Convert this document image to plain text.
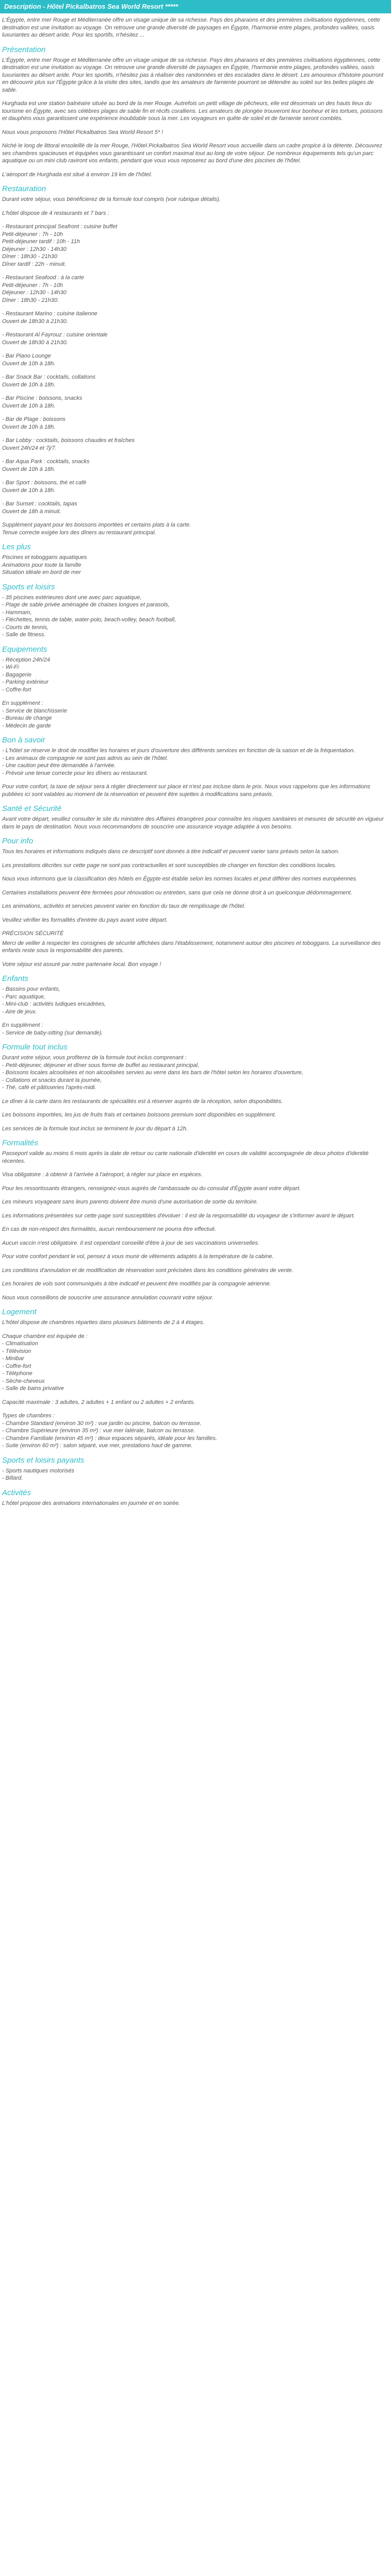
Description - Hôtel Pickalbatros Sea World Resort *****

L'Égypte, entre mer Rouge et Méditerranée offre un visage unique de sa richesse. Pays des pharaons et des premières civilisations égyptiennes, cette destination est une invitation au voyage. On retrouve une grande diversité de paysages en Égypte, l'harmonie entre plages, profondes vallées, oasis luxuriantes au désert aride. Pour les sportifs, n'hésitez ...

Présentation

L'Égypte, entre mer Rouge et Méditerranée offre un visage unique de sa richesse. Pays des pharaons et des premières civilisations égyptiennes, cette destination est une invitation au voyage. On retrouve une grande diversité de paysages en Égypte, l'harmonie entre plages, profondes vallées, oasis luxuriantes au désert aride. Pour les sportifs, n'hésitez pas à réaliser des randonnées et des escalades dans le désert. Les amoureux d'histoire pourront en découvrir plus sur l'Égypte grâce à la visite des sites, tandis que les amateurs de farniente pourront se détendre au soleil sur les belles plages de sable.

Hurghada est une station balnéaire située au bord de la mer Rouge. Autrefois un petit village de pêcheurs, elle est désormais un des hauts lieux du tourisme en Égypte, avec ses célèbres plages de sable fin et récifs coralliens. Les amateurs de plongée trouveront leur bonheur et les tortues, poissons et dauphins vous garantissent une expérience inoubliable sous la mer. Les voyageurs en quête de soleil et de farniente seront comblés.

Nous vous proposons l'Hôtel Pickalbatros Sea World Resort 5* !

Niché le long de littoral ensoleillé de la mer Rouge, l'Hôtel Pickalbatros Sea World Resort vous accueille dans un cadre propice à la détente. Découvrez ses chambres spacieuses et équipées vous garantissant un confort maximal tout au long de votre séjour. De nombreux équipements tels qu'un parc aquatique ou un mini club raviront vos enfants, pendant que vous vous reposerez au bord d'une des piscines de l'hôtel.

L'aéroport de Hurghada est situé à environ 19 km de l'hôtel.

Restauration

Durant votre séjour, vous bénéficierez de la formule tout compris (voir rubrique détails).

L'hôtel dispose de 4 restaurants et 7 bars :

- Restaurant principal Seafront : cuisine buffet
Petit-déjeuner : 7h - 10h
Petit-déjeuner tardif : 10h - 11h
Déjeuner : 12h30 - 14h30
Dîner : 18h30 - 21h30
Dîner tardif : 22h - minuit.
- Restaurant Seafood : à la carte
Petit-déjeuner : 7h - 10h
Déjeuner : 12h30 - 14h30
Dîner : 18h30 - 21h30.
- Restaurant Marino : cuisine italienne
Ouvert de 18h30 à 21h30.
- Restaurant Al Fayrouz : cuisine orientale
Ouvert de 18h30 à 21h30.
- Bar Piano Lounge
Ouvert de 10h à 18h.
- Bar Snack Bar : cocktails, collations
Ouvert de 10h à 18h.
- Bar Piscine : boissons, snacks
Ouvert de 10h à 18h.
- Bar de Plage : boissons
Ouvert de 10h à 18h.
- Bar Lobby : cocktails, boissons chaudes et fraîches
Ouvert 24h/24 et 7j/7.
- Bar Aqua Park : cocktails, snacks
Ouvert de 10h à 18h.
- Bar Sport : boissons, thé et café
Ouvert de 10h à 18h.
- Bar Sunset : cocktails, tapas
Ouvert de 18h à minuit.
Supplément payant pour les boissons importées et certains plats à la carte.
Tenue correcte exigée lors des dîners au restaurant principal.
Les plus
Piscines et toboggans aquatiques
Animations pour toute la famille
Situation idéale en bord de mer
Sports et loisirs
- 35 piscines extérieures dont une avec parc aquatique,
- Plage de sable privée aménagée de chaises longues et parasols,
- Hammam,
- Fléchettes, tennis de table, water-polo, beach-volley, beach football,
- Courts de tennis,
- Salle de fitness.
Equipements
- Réception 24h/24
- Wi-Fi
- Bagagerie
- Parking extérieur
- Coffre-fort
En supplément :
- Service de blanchisserie
- Bureau de change
- Médecin de garde
Bon à savoir
- L'hôtel se réserve le droit de modifier les horaires et jours d'ouverture des différents services en fonction de la saison et de la fréquentation.
- Les animaux de compagnie ne sont pas admis au sein de l'hôtel.
- Une caution peut être demandée à l'arrivée.
- Prévoir une tenue correcte pour les dîners au restaurant.

Pour votre confort, la taxe de séjour sera à régler directement sur place et n'est pas incluse dans le prix. Nous vous rappelons que les informations publiées ici sont valables au moment de la réservation et peuvent être sujettes à modifications sans préavis.

Santé et Sécurité

Avant votre départ, veuillez consulter le site du ministère des Affaires étrangères pour connaître les risques sanitaires et mesures de sécurité en vigueur dans le pays de destination. Nous vous recommandons de souscrire une assurance voyage adaptée à vos besoins.

Pour info

Tous les horaires et informations indiqués dans ce descriptif sont donnés à titre indicatif et peuvent varier sans préavis selon la saison.

Les prestations décrites sur cette page ne sont pas contractuelles et sont susceptibles de changer en fonction des conditions locales.

Nous vous informons que la classification des hôtels en Égypte est établie selon les normes locales et peut différer des normes européennes.

Certaines installations peuvent être fermées pour rénovation ou entretien, sans que cela ne donne droit à un quelconque dédommagement.

Les animations, activités et services peuvent varier en fonction du taux de remplissage de l'hôtel.

Veuillez vérifier les formalités d'entrée du pays avant votre départ.

PRÉCISION SÉCURITÉ

Merci de veiller à respecter les consignes de sécurité affichées dans l'établissement, notamment autour des piscines et toboggans. La surveillance des enfants reste sous la responsabilité des parents.

Votre séjour est assuré par notre partenaire local. Bon voyage !

Enfants
- Bassins pour enfants,
- Parc aquatique,
- Mini-club : activités ludiques encadrées,
- Aire de jeux.
En supplément :
- Service de baby-sitting (sur demande).
Formule tout inclus
Durant votre séjour, vous profiterez de la formule tout inclus comprenant :
- Petit-déjeuner, déjeuner et dîner sous forme de buffet au restaurant principal,
- Boissons locales alcoolisées et non alcoolisées servies au verre dans les bars de l'hôtel selon les horaires d'ouverture,
- Collations et snacks durant la journée,
- Thé, café et pâtisseries l'après-midi.

Le dîner à la carte dans les restaurants de spécialités est à réserver auprès de la réception, selon disponibilités.

Les boissons importées, les jus de fruits frais et certaines boissons premium sont disponibles en supplément.

Les services de la formule tout inclus se terminent le jour du départ à 12h.

Formalités

Passeport valide au moins 6 mois après la date de retour ou carte nationale d'identité en cours de validité accompagnée de deux photos d'identité récentes.

Visa obligatoire : à obtenir à l'arrivée à l'aéroport, à régler sur place en espèces.

Pour les ressortissants étrangers, renseignez-vous auprès de l'ambassade ou du consulat d'Égypte avant votre départ.

Les mineurs voyageant sans leurs parents doivent être munis d'une autorisation de sortie du territoire.

Les informations présentées sur cette page sont susceptibles d'évoluer : il est de la responsabilité du voyageur de s'informer avant le départ.

En cas de non-respect des formalités, aucun remboursement ne pourra être effectué.

Aucun vaccin n'est obligatoire. Il est cependant conseillé d'être à jour de ses vaccinations universelles.

Pour votre confort pendant le vol, pensez à vous munir de vêtements adaptés à la température de la cabine.

Les conditions d'annulation et de modification de réservation sont précisées dans les conditions générales de vente.

Les horaires de vols sont communiqués à titre indicatif et peuvent être modifiés par la compagnie aérienne.

Nous vous conseillons de souscrire une assurance annulation couvrant votre séjour.

Logement

L'hôtel dispose de chambres réparties dans plusieurs bâtiments de 2 à 4 étages.

Chaque chambre est équipée de :
- Climatisation
- Télévision
- Minibar
- Coffre-fort
- Téléphone
- Sèche-cheveux
- Salle de bains privative

Capacité maximale : 3 adultes, 2 adultes + 1 enfant ou 2 adultes + 2 enfants.

Types de chambres :
- Chambre Standard (environ 30 m²) : vue jardin ou piscine, balcon ou terrasse.
- Chambre Supérieure (environ 35 m²) : vue mer latérale, balcon ou terrasse.
- Chambre Familiale (environ 45 m²) : deux espaces séparés, idéale pour les familles.
- Suite (environ 60 m²) : salon séparé, vue mer, prestations haut de gamme.
Sports et loisirs payants
- Sports nautiques motorisés
- Billard.
Activités

L'hôtel propose des animations internationales en journée et en soirée.
